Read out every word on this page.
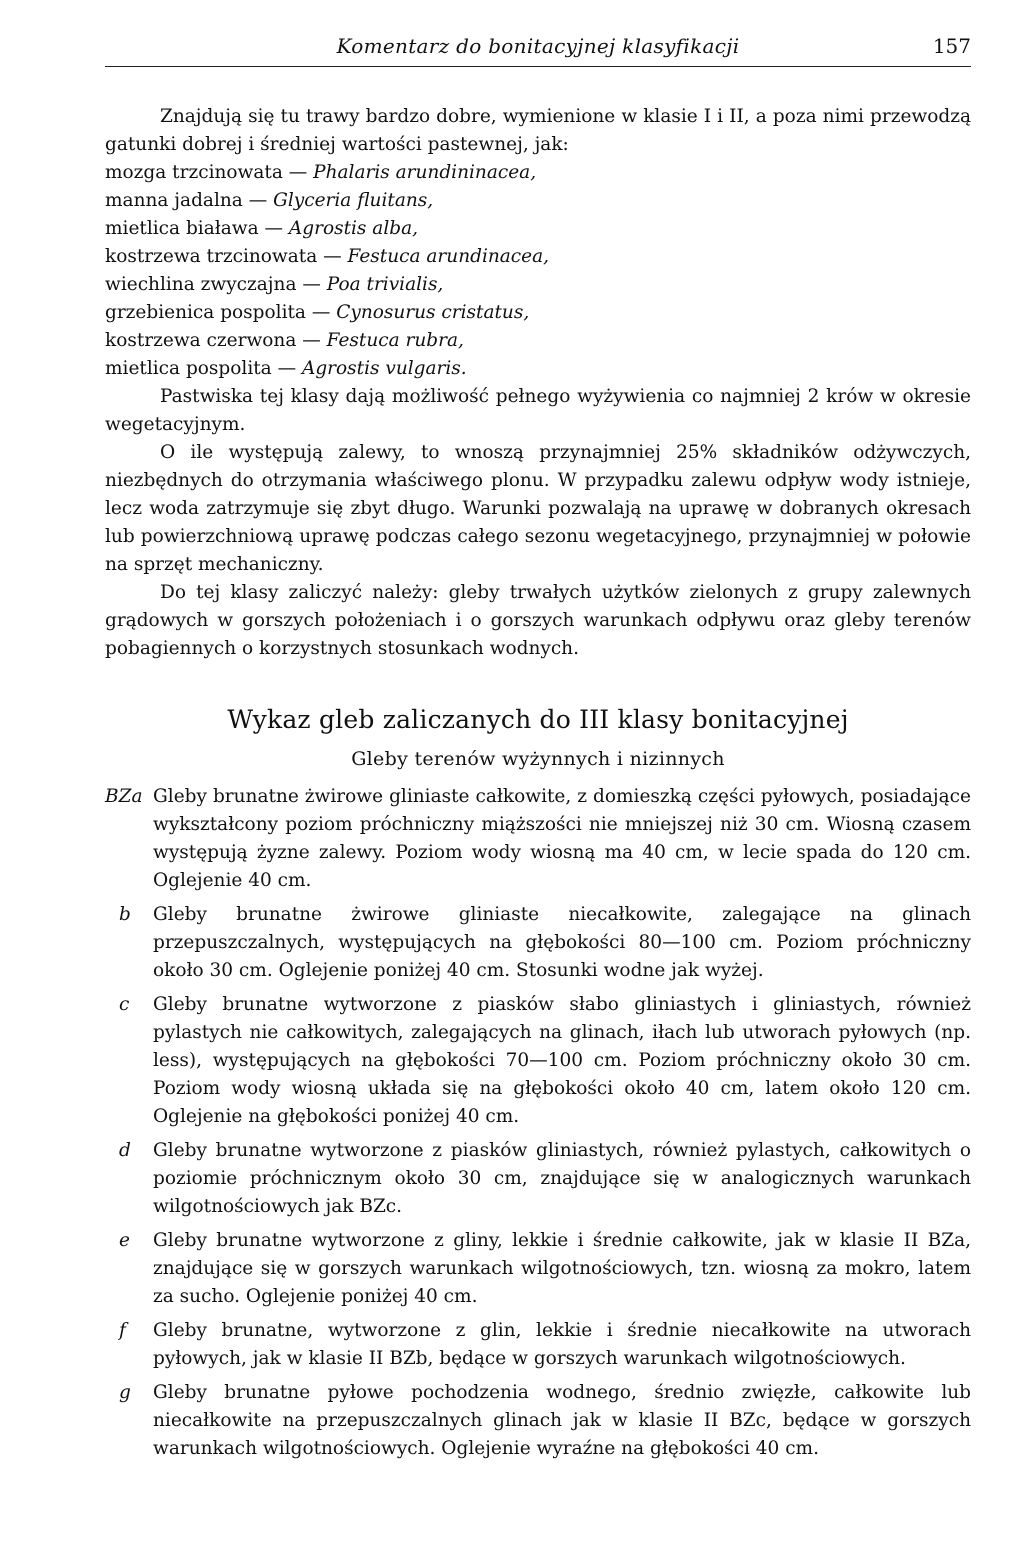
Komentarz do bonitacyjnej klasyfikacji	157

Znajdują się tu trawy bardzo dobre, wymienione w klasie I i II, a poza nimi przewodzą gatunki dobrej i średniej wartości pastewnej, jak:

mozga trzcinowata — Phalaris arundininacea,
manna jadalna — Glyceria fluitans,
mietlica biaława — Agrostis alba,
kostrzewa trzcinowata — Festuca arundinacea,
wiechlina zwyczajna — Poa trivialis,
grzebienica pospolita — Cynosurus cristatus,
kostrzewa czerwona — Festuca rubra,
mietlica pospolita — Agrostis vulgaris.

Pastwiska tej klasy dają możliwość pełnego wyżywienia co najmniej 2 krów w okresie wegetacyjnym.

O ile występują zalewy, to wnoszą przynajmniej 25% składników odżywczych, niezbędnych do otrzymania właściwego plonu. W przypadku zalewu odpływ wody istnieje, lecz woda zatrzymuje się zbyt długo. Warunki pozwalają na uprawę w dobranych okresach lub powierzchniową uprawę podczas całego sezonu wegetacyjnego, przynajmniej w połowie na sprzęt mechaniczny.

Do tej klasy zaliczyć należy: gleby trwałych użytków zielonych z grupy zalewnych grądowych w gorszych położeniach i o gorszych warunkach odpływu oraz gleby terenów pobagiennych o korzystnych stosunkach wodnych.

Wykaz gleb zaliczanych do III klasy bonitacyjnej
Gleby terenów wyżynnych i nizinnych
BZa Gleby brunatne żwirowe gliniaste całkowite, z domieszką części pyłowych, posiadające wykształcony poziom próchniczny miąższości nie mniejszej niż 30 cm. Wiosną czasem występują żyzne zalewy. Poziom wody wiosną ma 40 cm, w lecie spada do 120 cm. Oglejenie 40 cm.
b	Gleby brunatne żwirowe gliniaste niecałkowite, zalegające na glinach przepuszczalnych, występujących na głębokości 80—100 cm. Poziom próchniczny około 30 cm. Oglejenie poniżej 40 cm. Stosunki wodne jak wyżej.
c	Gleby brunatne wytworzone z piasków słabo gliniastych i gliniastych, również pylastych nie całkowitych, zalegających na glinach, iłach lub utworach pyłowych (np. less), występujących na głębokości 70—100 cm. Poziom próchniczny około 30 cm. Poziom wody wiosną układa się na głębokości około 40 cm, latem około 120 cm. Oglejenie na głębokości poniżej 40 cm.
d	Gleby brunatne wytworzone z piasków gliniastych, również pylastych, całkowitych o poziomie próchnicznym około 30 cm, znajdujące się w analogicznych warunkach wilgotnościowych jak BZc.
e	Gleby brunatne wytworzone z gliny, lekkie i średnie całkowite, jak w klasie II BZa, znajdujące się w gorszych warunkach wilgotnościowych, tzn. wiosną za mokro, latem za sucho. Oglejenie poniżej 40 cm.
f	Gleby brunatne, wytworzone z glin, lekkie i średnie niecałkowite na utworach pyłowych, jak w klasie II BZb, będące w gorszych warunkach wilgotnościowych.
g	Gleby brunatne pyłowe pochodzenia wodnego, średnio zwięzłe, całkowite lub niecałkowite na przepuszczalnych glinach jak w klasie II BZc, będące w gorszych warunkach wilgotnościowych. Oglejenie wyraźne na głębokości 40 cm.
